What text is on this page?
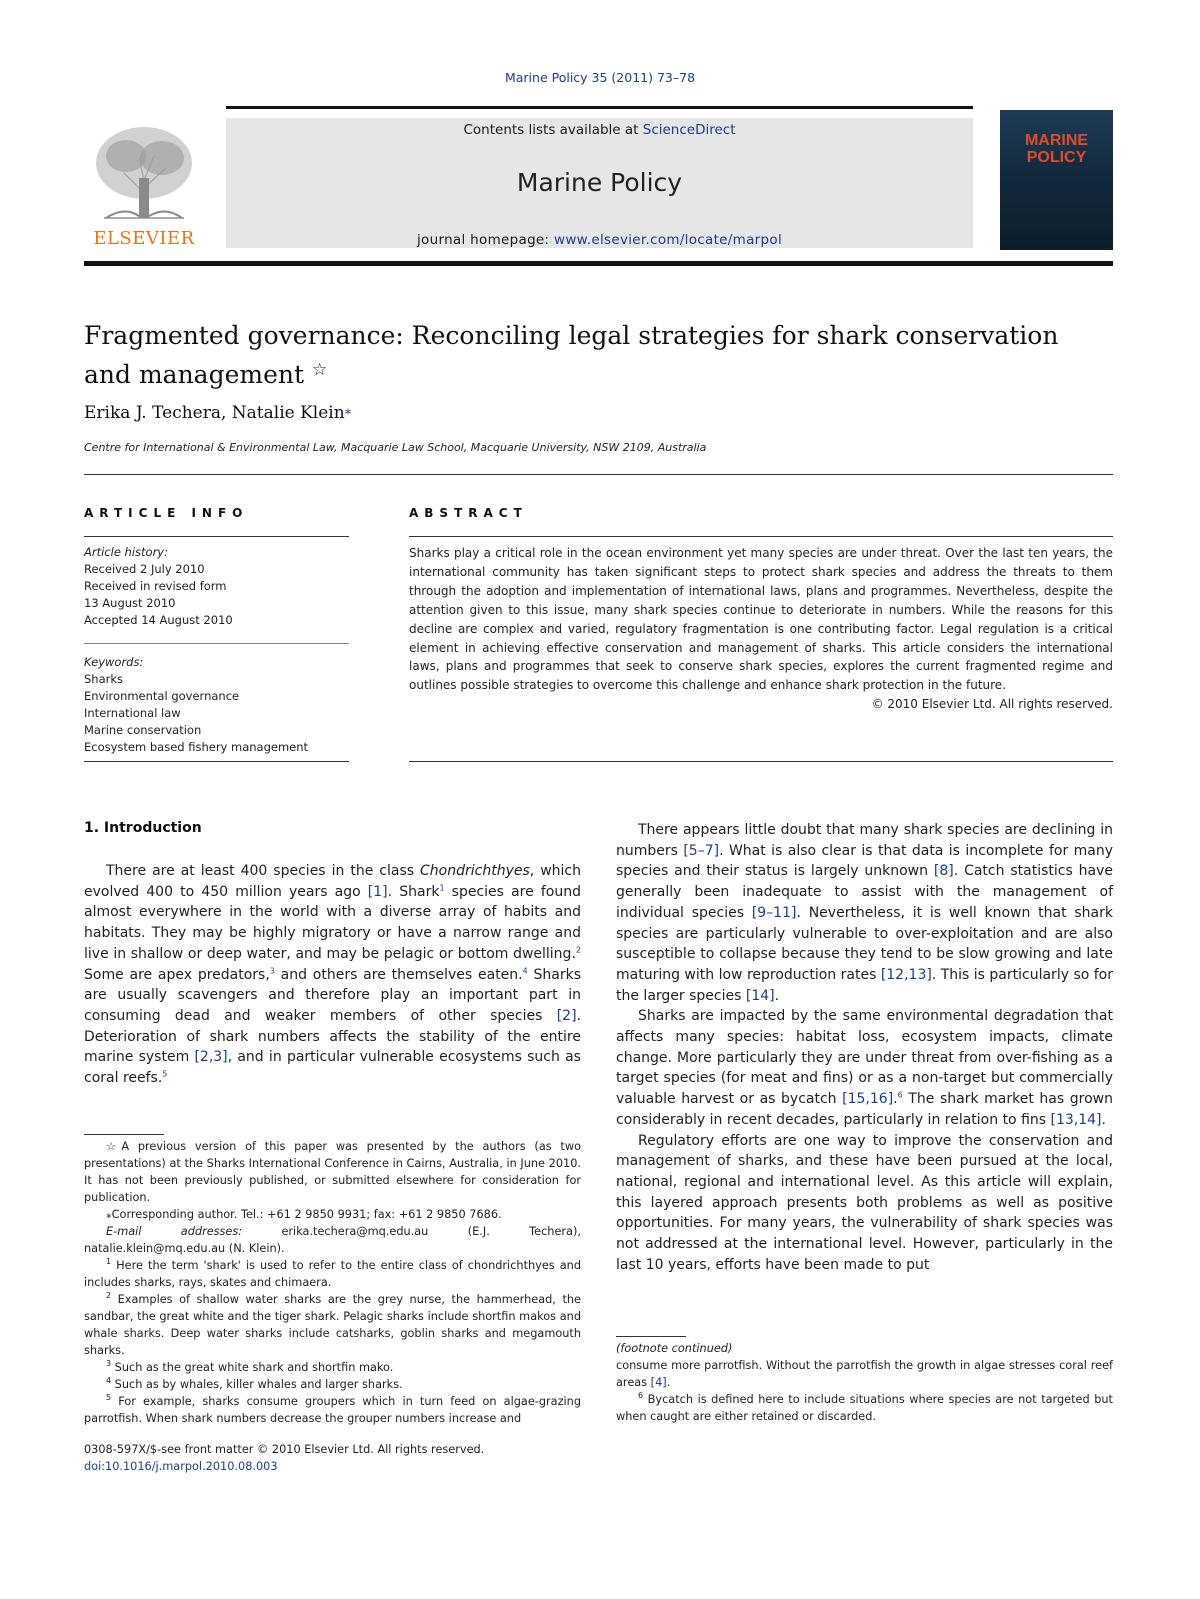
Marine Policy 35 (2011) 73–78
ELSEVIER
Contents lists available at ScienceDirect
Marine Policy
journal homepage: www.elsevier.com/locate/marpol
MARINE POLICY
Fragmented governance: Reconciling legal strategies for shark conservation and management ☆
Erika J. Techera, Natalie Klein⁎
Centre for International & Environmental Law, Macquarie Law School, Macquarie University, NSW 2109, Australia
ARTICLE INFO
Article history:
Received 2 July 2010
Received in revised form
13 August 2010
Accepted 14 August 2010
Keywords:
Sharks
Environmental governance
International law
Marine conservation
Ecosystem based fishery management
ABSTRACT
Sharks play a critical role in the ocean environment yet many species are under threat. Over the last ten years, the international community has taken significant steps to protect shark species and address the threats to them through the adoption and implementation of international laws, plans and programmes. Nevertheless, despite the attention given to this issue, many shark species continue to deteriorate in numbers. While the reasons for this decline are complex and varied, regulatory fragmentation is one contributing factor. Legal regulation is a critical element in achieving effective conservation and management of sharks. This article considers the international laws, plans and programmes that seek to conserve shark species, explores the current fragmented regime and outlines possible strategies to overcome this challenge and enhance shark protection in the future.
© 2010 Elsevier Ltd. All rights reserved.
1. Introduction

There are at least 400 species in the class Chondrichthyes, which evolved 400 to 450 million years ago [1]. Shark$^1$ species are found almost everywhere in the world with a diverse array of habits and habitats. They may be highly migratory or have a narrow range and live in shallow or deep water, and may be pelagic or bottom dwelling.$^2$ Some are apex predators,$^3$ and others are themselves eaten.$^4$ Sharks are usually scavengers and therefore play an important part in consuming dead and weaker members of other species [2]. Deterioration of shark numbers affects the stability of the entire marine system [2,3], and in particular vulnerable ecosystems such as coral reefs.$^5$

☆A previous version of this paper was presented by the authors (as two presentations) at the Sharks International Conference in Cairns, Australia, in June 2010. It has not been previously published, or submitted elsewhere for consideration for publication.

⁎Corresponding author. Tel.: +61 2 9850 9931; fax: +61 2 9850 7686.

E-mail addresses: erika.techera@mq.edu.au (E.J. Techera), natalie.klein@mq.edu.au (N. Klein).

$^1$ Here the term 'shark' is used to refer to the entire class of chondrichthyes and includes sharks, rays, skates and chimaera.

$^2$ Examples of shallow water sharks are the grey nurse, the hammerhead, the sandbar, the great white and the tiger shark. Pelagic sharks include shortfin makos and whale sharks. Deep water sharks include catsharks, goblin sharks and megamouth sharks.

$^3$ Such as the great white shark and shortfin mako.

$^4$ Such as by whales, killer whales and larger sharks.

$^5$ For example, sharks consume groupers which in turn feed on algae-grazing parrotfish. When shark numbers decrease the grouper numbers increase and

0308-597X/$-see front matter © 2010 Elsevier Ltd. All rights reserved.
doi:10.1016/j.marpol.2010.08.003

There appears little doubt that many shark species are declining in numbers [5–7]. What is also clear is that data is incomplete for many species and their status is largely unknown [8]. Catch statistics have generally been inadequate to assist with the management of individual species [9–11]. Nevertheless, it is well known that shark species are particularly vulnerable to over-exploitation and are also susceptible to collapse because they tend to be slow growing and late maturing with low reproduction rates [12,13]. This is particularly so for the larger species [14].

Sharks are impacted by the same environmental degradation that affects many species: habitat loss, ecosystem impacts, climate change. More particularly they are under threat from over-fishing as a target species (for meat and fins) or as a non-target but commercially valuable harvest or as bycatch [15,16].$^6$ The shark market has grown considerably in recent decades, particularly in relation to fins [13,14].

Regulatory efforts are one way to improve the conservation and management of sharks, and these have been pursued at the local, national, regional and international level. As this article will explain, this layered approach presents both problems as well as positive opportunities. For many years, the vulnerability of shark species was not addressed at the international level. However, particularly in the last 10 years, efforts have been made to put

(footnote continued)

consume more parrotfish. Without the parrotfish the growth in algae stresses coral reef areas [4].

$^6$ Bycatch is defined here to include situations where species are not targeted but when caught are either retained or discarded.
